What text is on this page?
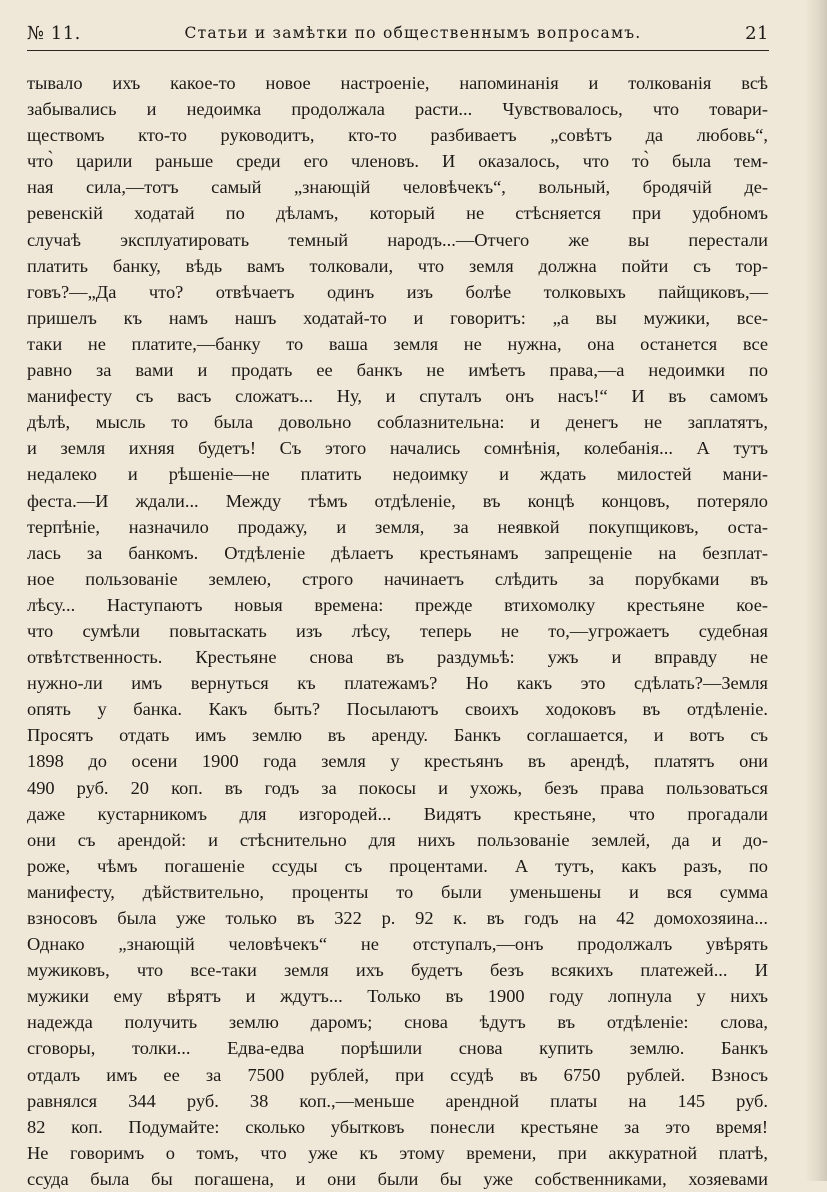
№ 11.	Статьи и замѣтки по общественнымъ вопросамъ.	21
тывало ихъ какое-то новое настроеніе, напоминанія и толкованія всѣ
забывались и недоимка продолжала расти... Чувствовалось, что товари-
ществомъ кто-то руководитъ, кто-то разбиваетъ „совѣтъ да любовь“,
что̀ царили раньше среди его членовъ. И оказалось, что то̀ была тем-
ная сила,—тотъ самый „знающій человѣчекъ“, вольный, бродячій де-
ревенскій ходатай по дѣламъ, который не стѣсняется при удобномъ
случаѣ эксплуатировать темный народъ...—Отчего же вы перестали
платить банку, вѣдь вамъ толковали, что земля должна пойти съ тор-
говъ?—„Да что? отвѣчаетъ одинъ изъ болѣе толковыхъ пайщиковъ,—
пришелъ къ намъ нашъ ходатай-то и говоритъ: „а вы мужики, все-
таки не платите,—банку то ваша земля не нужна, она останется все
равно за вами и продать ее банкъ не имѣетъ права,—а недоимки по
манифесту съ васъ сложатъ... Ну, и спуталъ онъ насъ!“ И въ самомъ
дѣлѣ, мысль то была довольно соблазнительна: и денегъ не заплатятъ,
и земля ихняя будетъ! Съ этого начались сомнѣнія, колебанія... А тутъ
недалеко и рѣшеніе—не платить недоимку и ждать милостей мани-
феста.—И ждали... Между тѣмъ отдѣленіе, въ концѣ концовъ, потеряло
терпѣніе, назначило продажу, и земля, за неявкой покупщиковъ, оста-
лась за банкомъ. Отдѣленіе дѣлаетъ крестьянамъ запрещеніе на безплат-
ное пользованіе землею, строго начинаетъ слѣдить за порубками въ
лѣсу... Наступаютъ новыя времена: прежде втихомолку крестьяне кое-
что сумѣли повытаскать изъ лѣсу, теперь не то,—угрожаетъ судебная
отвѣтственность. Крестьяне снова въ раздумьѣ: ужъ и вправду не
нужно-ли имъ вернуться къ платежамъ? Но какъ это сдѣлать?—Земля
опять у банка. Какъ быть? Посылаютъ своихъ ходоковъ въ отдѣленіе.
Просятъ отдать имъ землю въ аренду. Банкъ соглашается, и вотъ съ
1898 до осени 1900 года земля у крестьянъ въ арендѣ, платятъ они
490 руб. 20 коп. въ годъ за покосы и ухожь, безъ права пользоваться
даже кустарникомъ для изгородей... Видятъ крестьяне, что прогадали
они съ арендой: и стѣснительно для нихъ пользованіе землей, да и до-
роже, чѣмъ погашеніе ссуды съ процентами. А тутъ, какъ разъ, по
манифесту, дѣйствительно, проценты то были уменьшены и вся сумма
взносовъ была уже только въ 322 р. 92 к. въ годъ на 42 домохозяина...
Однако „знающій человѣчекъ“ не отступалъ,—онъ продолжалъ увѣрять
мужиковъ, что все-таки земля ихъ будетъ безъ всякихъ платежей... И
мужики ему вѣрятъ и ждутъ... Только въ 1900 году лопнула у нихъ
надежда получить землю даромъ; снова ѣдутъ въ отдѣленіе: слова,
сговоры, толки... Едва-едва порѣшили снова купить землю. Банкъ
отдалъ имъ ее за 7500 рублей, при ссудѣ въ 6750 рублей. Взносъ
равнялся 344 руб. 38 коп.,—меньше арендной платы на 145 руб.
82 коп. Подумайте: сколько убытковъ понесли крестьяне за это время!
Не говоримъ о томъ, что уже къ этому времени, при аккуратной платѣ,
ссуда была бы погашена, и они были бы уже собственниками, хозяевами
